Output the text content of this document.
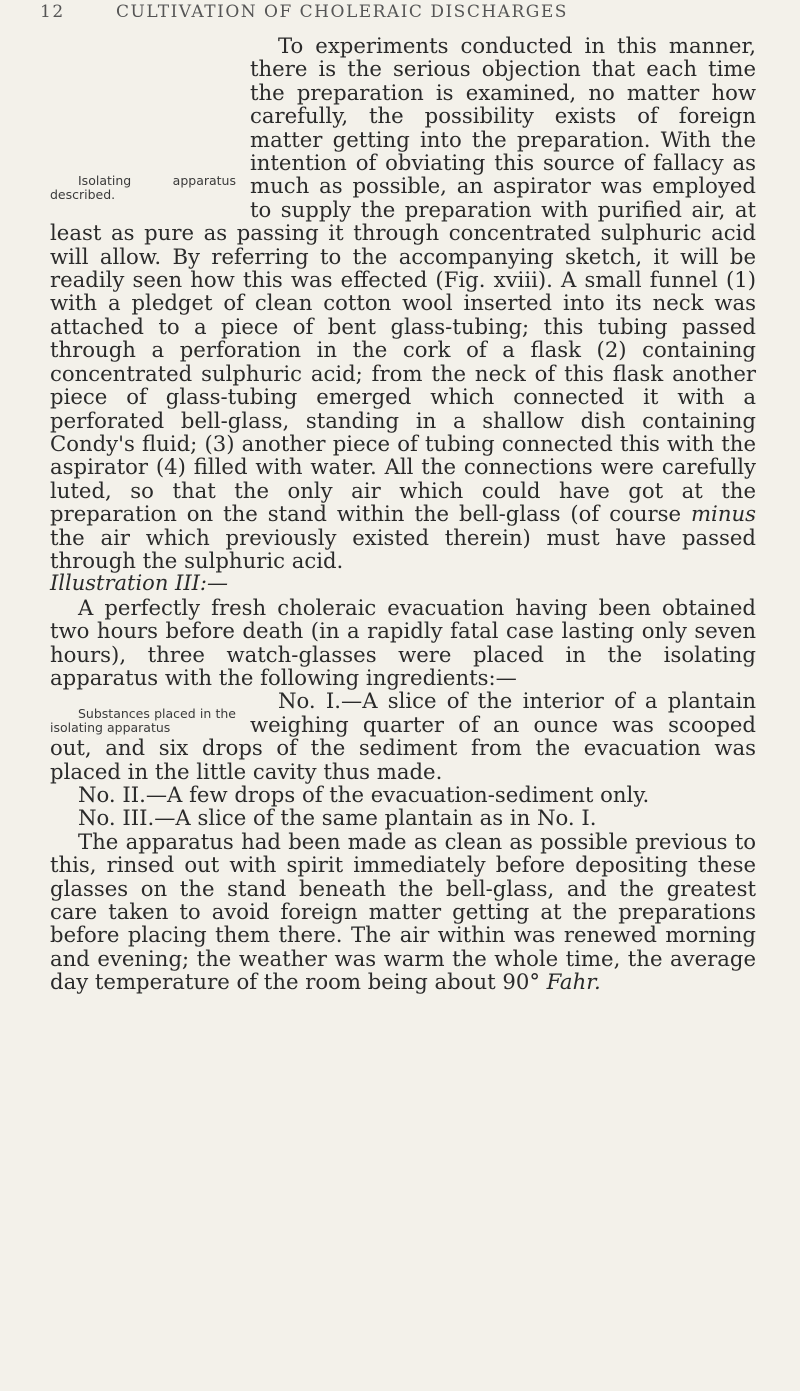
12	CULTIVATION OF CHOLERAIC DISCHARGES

Isolating apparatus described.
To experiments conducted in this manner, there is the serious objection that each time the preparation is examined, no matter how carefully, the possibility exists of foreign matter getting into the preparation. With the intention of obviating this source of fallacy as much as possible, an aspirator was employed to supply the preparation with purified air, at least as pure as passing it through concentrated sulphuric acid will allow. By referring to the accompanying sketch, it will be readily seen how this was effected (Fig. xviii). A small funnel (1) with a pledget of clean cotton wool inserted into its neck was attached to a piece of bent glass-tubing; this tubing passed through a perforation in the cork of a flask (2) containing concentrated sulphuric acid; from the neck of this flask another piece of glass-tubing emerged which connected it with a perforated bell-glass, standing in a shallow dish containing Condy's fluid; (3) another piece of tubing connected this with the aspirator (4) filled with water. All the connections were carefully luted, so that the only air which could have got at the preparation on the stand within the bell-glass (of course minus the air which previously existed therein) must have passed through the sulphuric acid.

Illustration III:—

A perfectly fresh choleraic evacuation having been obtained two hours before death (in a rapidly fatal case lasting only seven hours), three watch-glasses were placed in the isolating apparatus with the following ingredients:—

Substances placed in the isolating apparatus
No. I.—A slice of the interior of a plantain weighing quarter of an ounce was scooped out, and six drops of the sediment from the evacuation was placed in the little cavity thus made.

No. II.—A few drops of the evacuation-sediment only.

No. III.—A slice of the same plantain as in No. I.

The apparatus had been made as clean as possible previous to this, rinsed out with spirit immediately before depositing these glasses on the stand beneath the bell-glass, and the greatest care taken to avoid foreign matter getting at the preparations before placing them there. The air within was renewed morning and evening; the weather was warm the whole time, the average day temperature of the room being about 90° Fahr.
